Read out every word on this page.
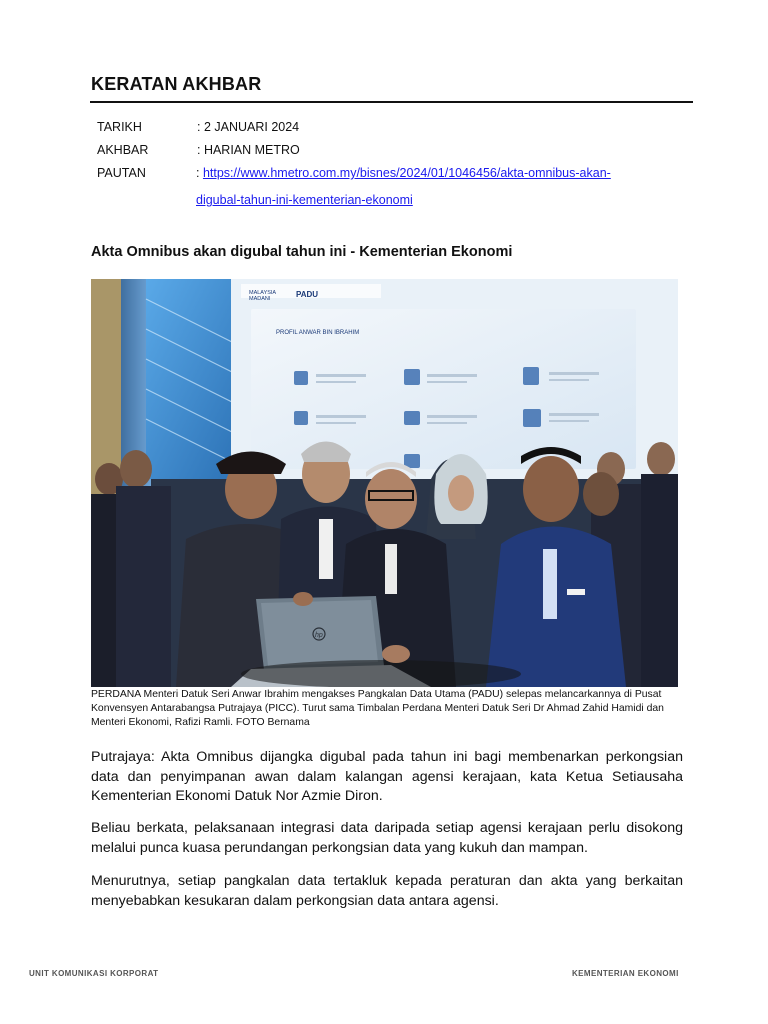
KERATAN AKHBAR
TARIKH	: 2 JANUARI 2024
AKHBAR	: HARIAN METRO
PAUTAN	: https://www.hmetro.com.my/bisnes/2024/01/1046456/akta-omnibus-akan-
digubal-tahun-ini-kementerian-ekonomi
Akta Omnibus akan digubal tahun ini - Kementerian Ekonomi
MALAYSIA
MADANI	PADU
PROFIL ANWAR BIN IBRAHIM
hp
PERDANA Menteri Datuk Seri Anwar Ibrahim mengakses Pangkalan Data Utama (PADU) selepas melancarkannya di Pusat Konvensyen Antarabangsa Putrajaya (PICC). Turut sama Timbalan Perdana Menteri Datuk Seri Dr Ahmad Zahid Hamidi dan Menteri Ekonomi, Rafizi Ramli. FOTO Bernama
Putrajaya: Akta Omnibus dijangka digubal pada tahun ini bagi membenarkan perkongsian data dan penyimpanan awan dalam kalangan agensi kerajaan, kata Ketua Setiausaha Kementerian Ekonomi Datuk Nor Azmie Diron.
Beliau berkata, pelaksanaan integrasi data daripada setiap agensi kerajaan perlu disokong melalui punca kuasa perundangan perkongsian data yang kukuh dan mampan.
Menurutnya, setiap pangkalan data tertakluk kepada peraturan dan akta yang berkaitan menyebabkan kesukaran dalam perkongsian data antara agensi.
UNIT KOMUNIKASI KORPORAT	KEMENTERIAN EKONOMI
